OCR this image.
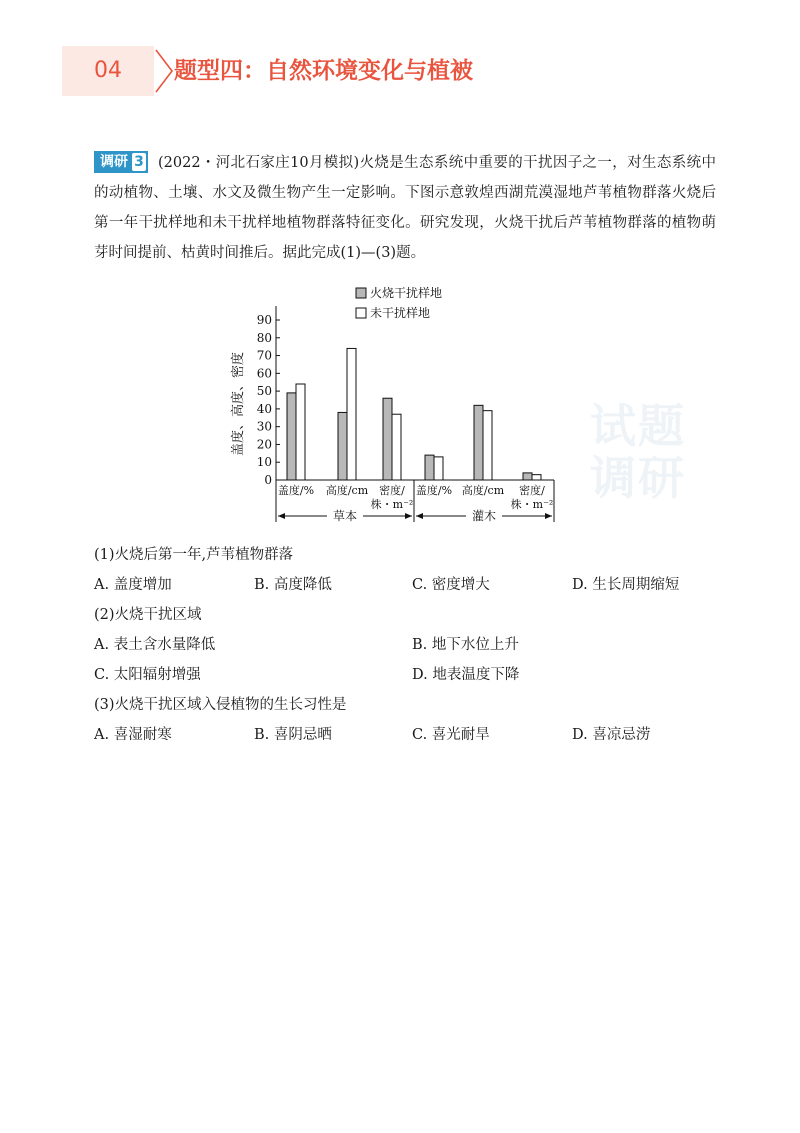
04	题型四：自然环境变化与植被

调研 3 (2022・河北石家庄10月模拟)火烧是生态系统中重要的干扰因子之一，对生态系统中的动植物、土壤、水文及微生物产生一定影响。下图示意敦煌西湖荒漠湿地芦苇植物群落火烧后第一年干扰样地和未干扰样地植物群落特征变化。研究发现，火烧干扰后芦苇植物群落的植物萌芽时间提前、枯黄时间推后。据此完成(1)—(3)题。

试题
调研
0
10
20
30
40
50
60
70
80
90
盖度、高度、密度
盖度/% 高度/cm 密度/
株・m⁻²
盖度/% 高度/cm 密度/
株・m⁻²
草本	灌木
火烧干扰样地
未干扰样地
(1)火烧后第一年,芦苇植物群落
A. 盖度增加	B. 高度降低	C. 密度增大	D. 生长周期缩短
(2)火烧干扰区域
A. 表土含水量降低	B. 地下水位上升
C. 太阳辐射增强	D. 地表温度下降
(3)火烧干扰区域入侵植物的生长习性是
A. 喜湿耐寒	B. 喜阴忌晒	C. 喜光耐旱	D. 喜凉忌涝
